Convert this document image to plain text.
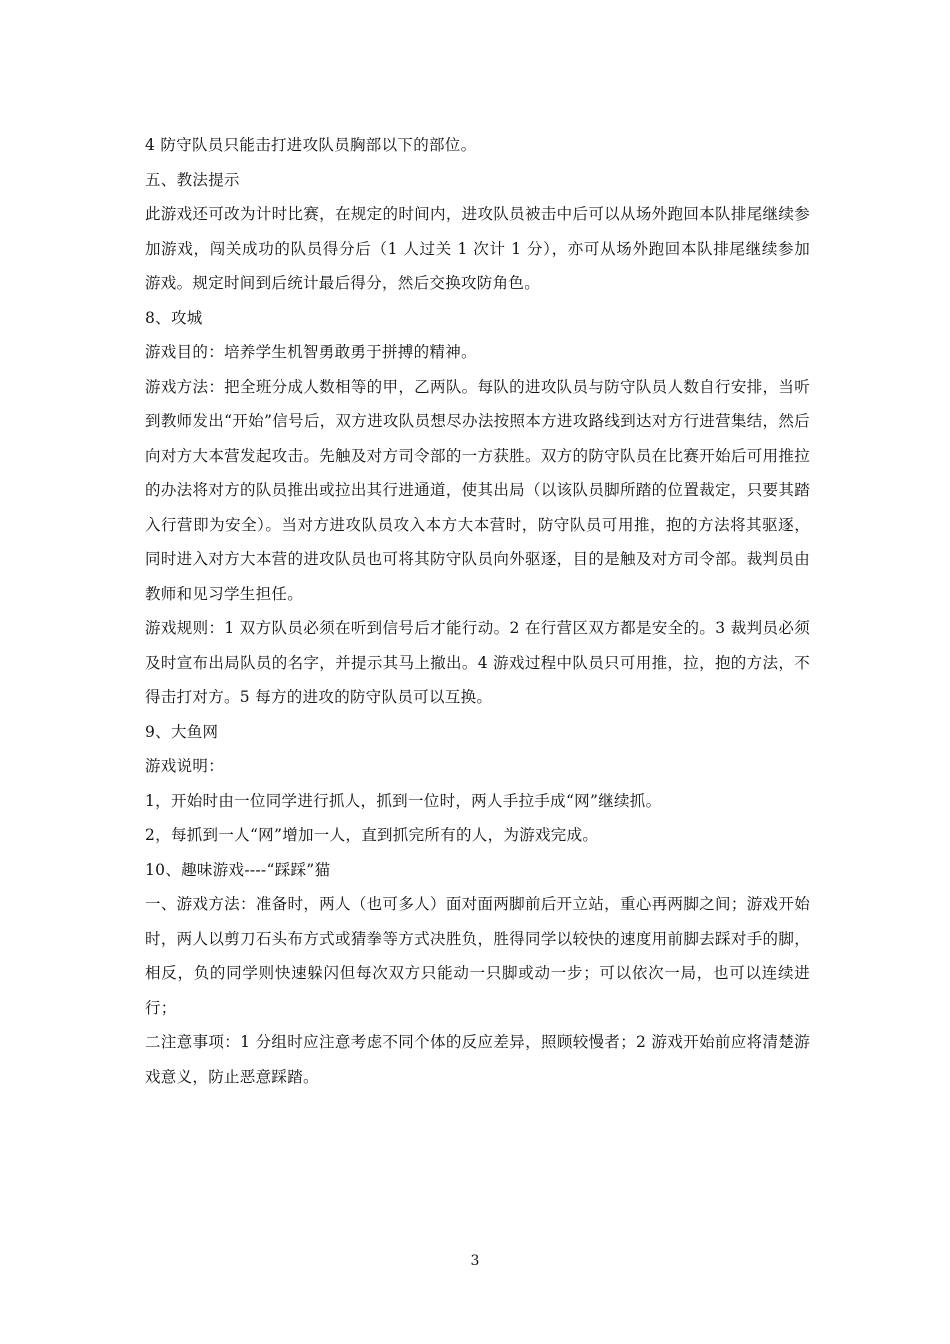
4 防守队员只能击打进攻队员胸部以下的部位。

五、教法提示

此游戏还可改为计时比赛，在规定的时间内，进攻队员被击中后可以从场外跑回本队排尾继续参加游戏，闯关成功的队员得分后（1 人过关 1 次计 1 分），亦可从场外跑回本队排尾继续参加游戏。规定时间到后统计最后得分，然后交换攻防角色。

8、攻城

游戏目的：培养学生机智勇敢勇于拼搏的精神。

游戏方法：把全班分成人数相等的甲，乙两队。每队的进攻队员与防守队员人数自行安排，当听到教师发出“开始”信号后，双方进攻队员想尽办法按照本方进攻路线到达对方行进营集结，然后向对方大本营发起攻击。先触及对方司令部的一方获胜。双方的防守队员在比赛开始后可用推拉的办法将对方的队员推出或拉出其行进通道，使其出局（以该队员脚所踏的位置裁定，只要其踏入行营即为安全）。当对方进攻队员攻入本方大本营时，防守队员可用推，抱的方法将其驱逐，同时进入对方大本营的进攻队员也可将其防守队员向外驱逐，目的是触及对方司令部。裁判员由教师和见习学生担任。

游戏规则：1 双方队员必须在听到信号后才能行动。2 在行营区双方都是安全的。3 裁判员必须及时宣布出局队员的名字，并提示其马上撤出。4 游戏过程中队员只可用推，拉，抱的方法，不得击打对方。5 每方的进攻的防守队员可以互换。

9、大鱼网

游戏说明：

1，开始时由一位同学进行抓人，抓到一位时，两人手拉手成“网”继续抓。

2，每抓到一人“网”增加一人，直到抓完所有的人，为游戏完成。

10、趣味游戏----“踩踩”猫

一、游戏方法：准备时，两人（也可多人）面对面两脚前后开立站，重心再两脚之间；游戏开始时，两人以剪刀石头布方式或猜拳等方式决胜负，胜得同学以较快的速度用前脚去踩对手的脚，相反，负的同学则快速躲闪但每次双方只能动一只脚或动一步；可以依次一局，也可以连续进行；

二注意事项：1 分组时应注意考虑不同个体的反应差异，照顾较慢者；2 游戏开始前应将清楚游戏意义，防止恶意踩踏。

3
